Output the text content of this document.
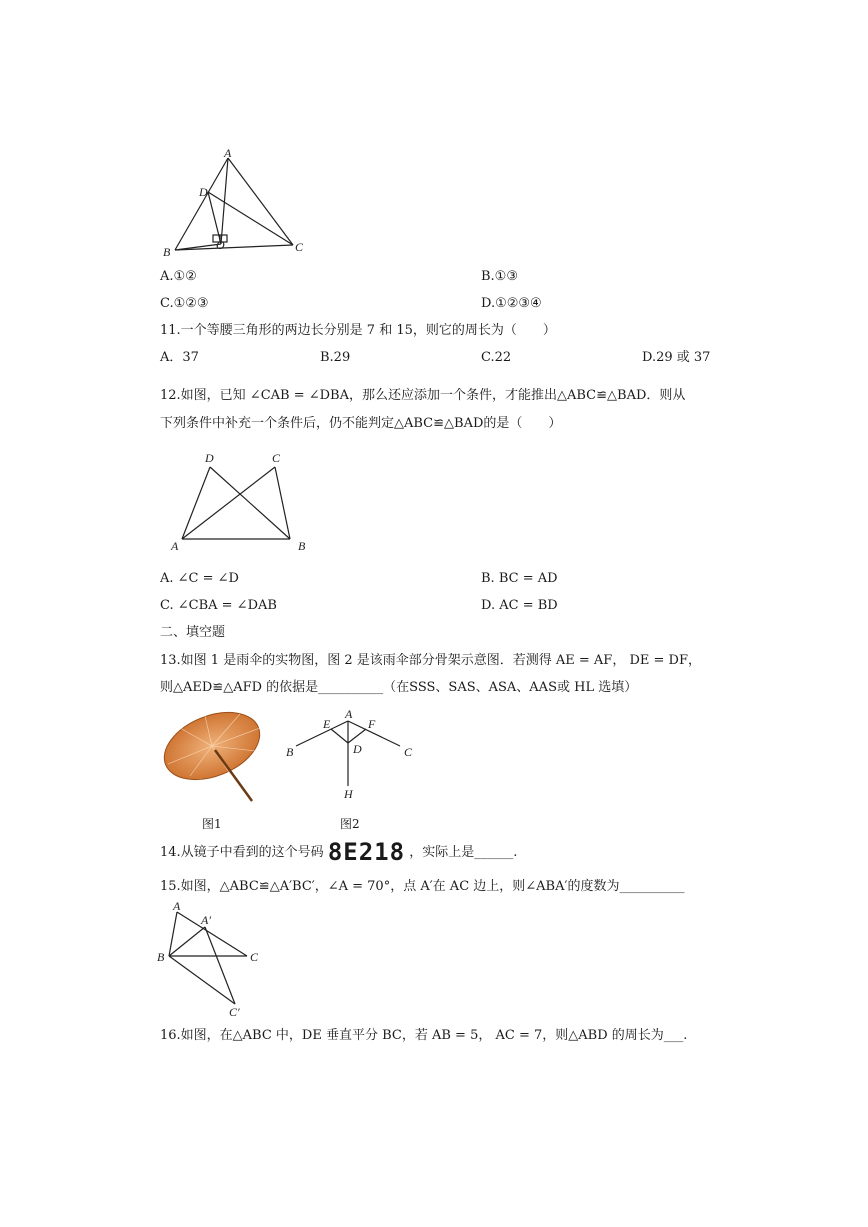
A
D
B	O	C
A.①②	B.①③
C.①②③	D.①②③④
11.一个等腰三角形的两边长分别是 7 和 15，则它的周长为（　　）
A．37	B.29	C.22	D.29 或 37
12.如图，已知 ∠CAB = ∠DBA，那么还应添加一个条件，才能推出△ABC≌△BAD．则从
下列条件中补充一个条件后，仍不能判定△ABC≌△BAD的是（　　）
D	C
A	B
A. ∠C = ∠D	B. BC = AD
C. ∠CBA = ∠DAB	D. AC = BD
二、填空题
13.如图 1 是雨伞的实物图，图 2 是该雨伞部分骨架示意图．若测得 AE = AF， DE = DF，
则△AED≌△AFD 的依据是__________（在SSS、SAS、ASA、AAS或 HL 选填）
A
E	F
D
B	C
H
图1	图2
14.从镜子中看到的这个号码 8E218 ，实际上是______.
15.如图，△ABC≌△A′BC′，∠A = 70°，点 A′在 AC 边上，则∠ABA′的度数为__________
A
A′
B	C
C′
16.如图，在△ABC 中，DE 垂直平分 BC，若 AB = 5， AC = 7，则△ABD 的周长为___.
